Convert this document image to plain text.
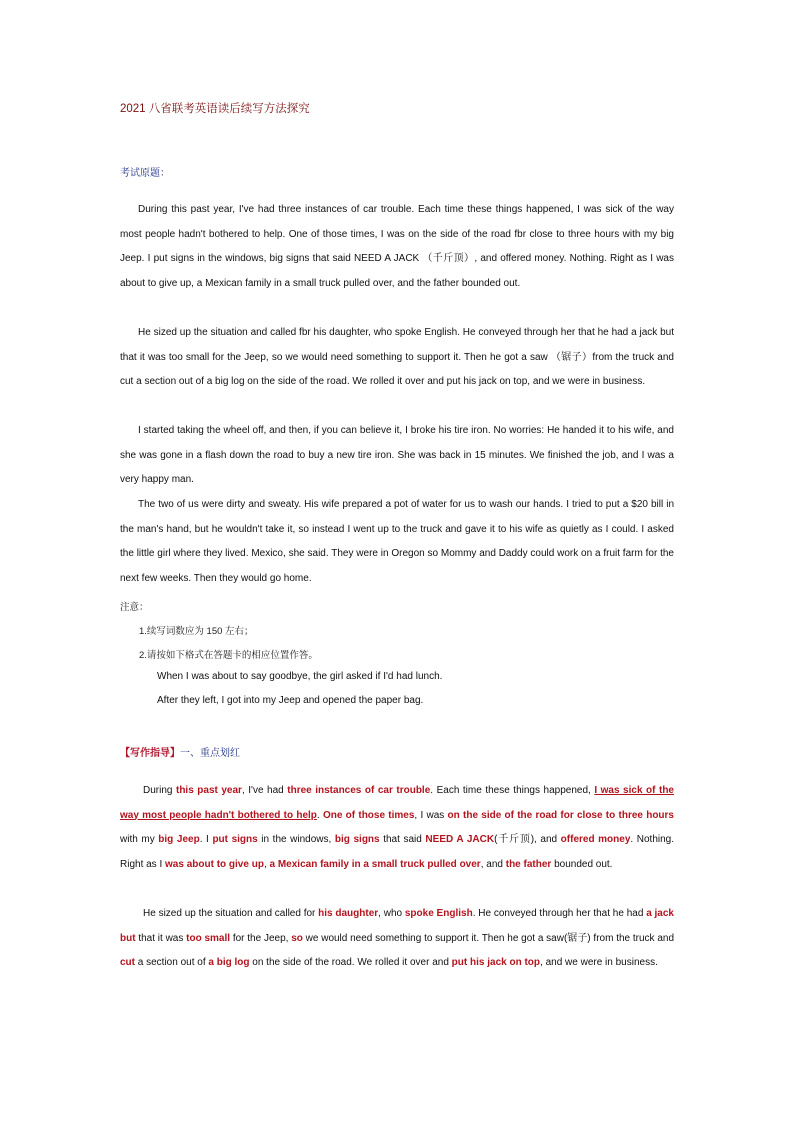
2021 八省联考英语读后续写方法探究
考试原题：

During this past year, I've had three instances of car trouble. Each time these things happened, I was sick of the way most people hadn't bothered to help. One of those times, I was on the side of the road fbr close to three hours with my big Jeep. I put signs in the windows, big signs that said NEED A JACK （千斤顶）, and offered money. Nothing. Right as I was about to give up, a Mexican family in a small truck pulled over, and the father bounded out.

He sized up the situation and called fbr his daughter, who spoke English. He conveyed through her that he had a jack but that it was too small for the Jeep, so we would need something to support it. Then he got a saw （锯子）from the truck and cut a section out of a big log on the side of the road. We rolled it over and put his jack on top, and we were in business.

I started taking the wheel off, and then, if you can believe it, I broke his tire iron. No worries: He handed it to his wife, and she was gone in a flash down the road to buy a new tire iron. She was back in 15 minutes. We finished the job, and I was a very happy man.

The two of us were dirty and sweaty. His wife prepared a pot of water for us to wash our hands. I tried to put a $20 bill in the man's hand, but he wouldn't take it, so instead I went up to the truck and gave it to his wife as quietly as I could. I asked the little girl where they lived. Mexico, she said. They were in Oregon so Mommy and Daddy could work on a fruit farm for the next few weeks. Then they would go home.

注意：
1.续写词数应为 150 左右；
2.请按如下格式在答题卡的相应位置作答。
When I was about to say goodbye, the girl asked if I'd had lunch.
After they left, I got into my Jeep and opened the paper bag.
【写作指导】一、重点划红

During this past year, I've had three instances of car trouble. Each time these things happened, I was sick of the way most people hadn't bothered to help. One of those times, I was on the side of the road for close to three hours with my big Jeep. I put signs in the windows, big signs that said NEED A JACK(千斤顶), and offered money. Nothing. Right as I was about to give up, a Mexican family in a small truck pulled over, and the father bounded out.

He sized up the situation and called for his daughter, who spoke English. He conveyed through her that he had a jack but that it was too small for the Jeep, so we would need something to support it. Then he got a saw(锯子) from the truck and cut a section out of a big log on the side of the road. We rolled it over and put his jack on top, and we were in business.
